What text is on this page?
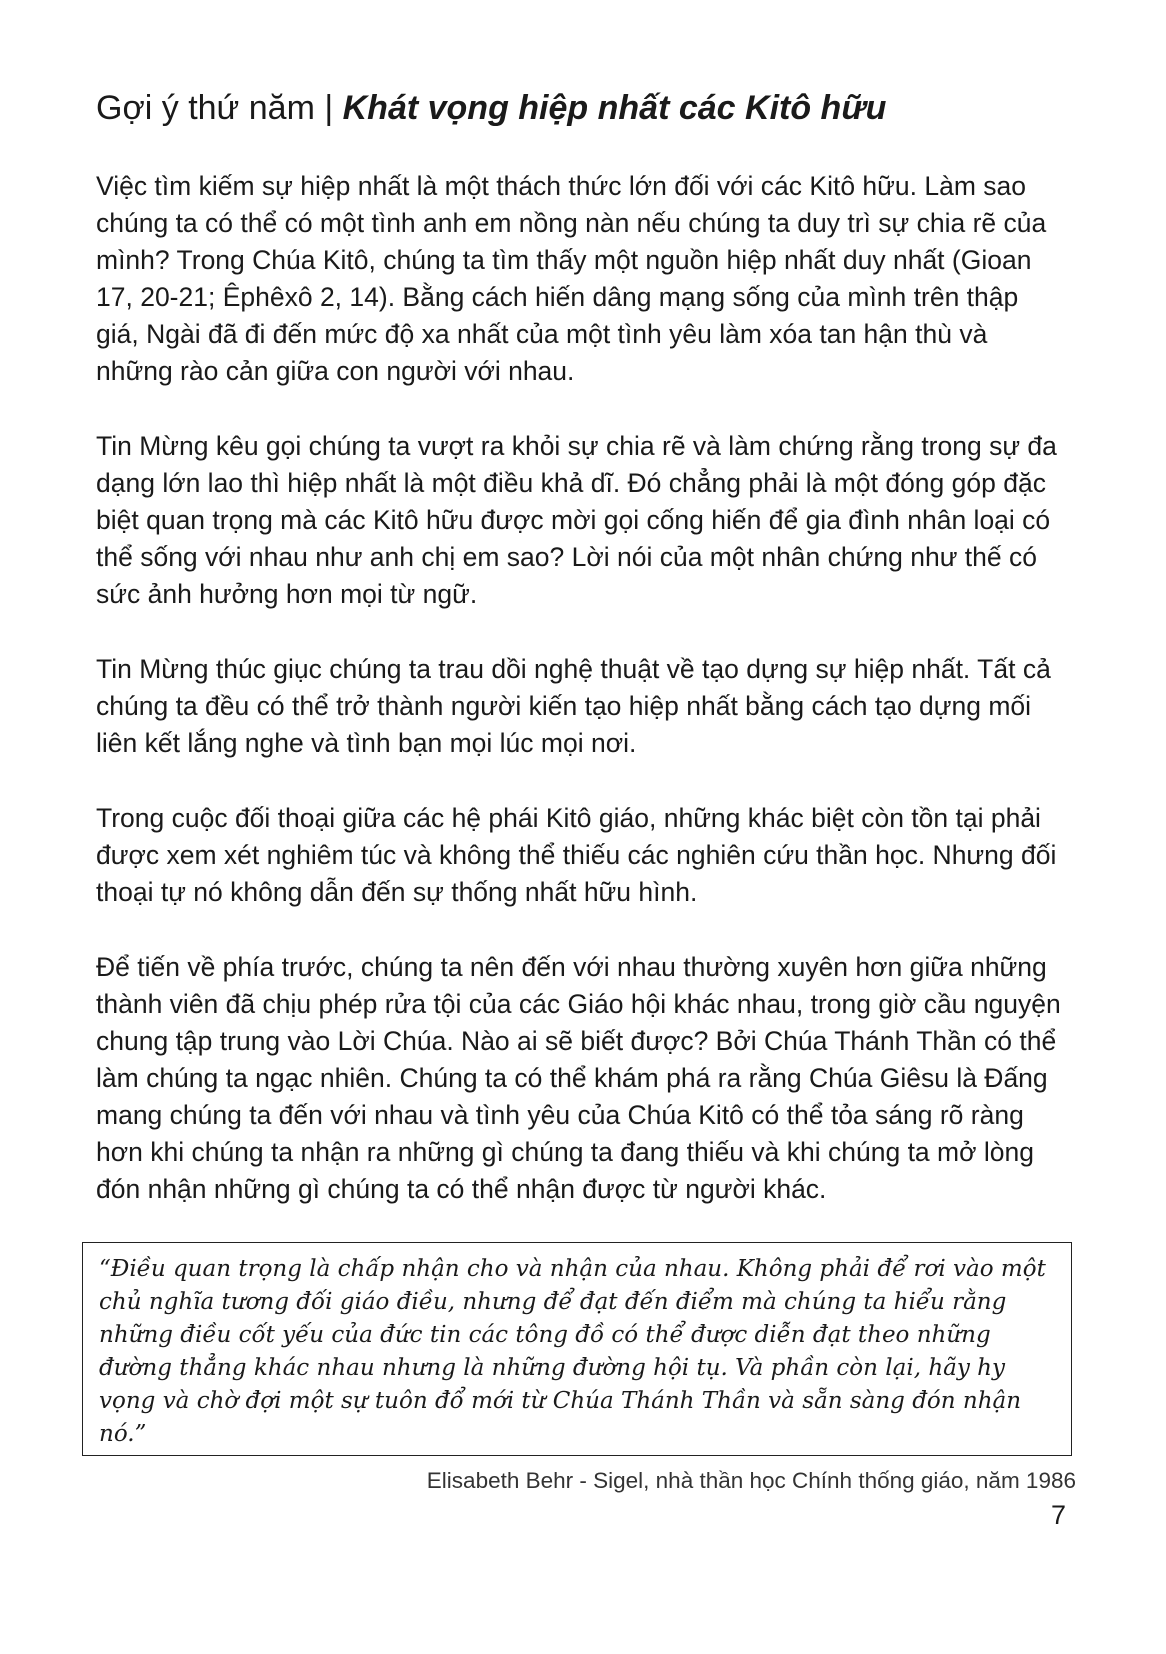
Gợi ý thứ năm | Khát vọng hiệp nhất các Kitô hữu

Việc tìm kiếm sự hiệp nhất là một thách thức lớn đối với các Kitô hữu. Làm sao chúng ta có thể có một tình anh em nồng nàn nếu chúng ta duy trì sự chia rẽ của mình? Trong Chúa Kitô, chúng ta tìm thấy một nguồn hiệp nhất duy nhất (Gioan 17, 20-21; Êphêxô 2, 14). Bằng cách hiến dâng mạng sống của mình trên thập giá, Ngài đã đi đến mức độ xa nhất của một tình yêu làm xóa tan hận thù và những rào cản giữa con người với nhau.

Tin Mừng kêu gọi chúng ta vượt ra khỏi sự chia rẽ và làm chứng rằng trong sự đa dạng lớn lao thì hiệp nhất là một điều khả dĩ. Đó chẳng phải là một đóng góp đặc biệt quan trọng mà các Kitô hữu được mời gọi cống hiến để gia đình nhân loại có thể sống với nhau như anh chị em sao? Lời nói của một nhân chứng như thế có sức ảnh hưởng hơn mọi từ ngữ.

Tin Mừng thúc giục chúng ta trau dồi nghệ thuật về tạo dựng sự hiệp nhất. Tất cả chúng ta đều có thể trở thành người kiến tạo hiệp nhất bằng cách tạo dựng mối liên kết lắng nghe và tình bạn mọi lúc mọi nơi.

Trong cuộc đối thoại giữa các hệ phái Kitô giáo, những khác biệt còn tồn tại phải được xem xét nghiêm túc và không thể thiếu các nghiên cứu thần học. Nhưng đối thoại tự nó không dẫn đến sự thống nhất hữu hình.

Để tiến về phía trước, chúng ta nên đến với nhau thường xuyên hơn giữa những thành viên đã chịu phép rửa tội của các Giáo hội khác nhau, trong giờ cầu nguyện chung tập trung vào Lời Chúa. Nào ai sẽ biết được? Bởi Chúa Thánh Thần có thể làm chúng ta ngạc nhiên. Chúng ta có thể khám phá ra rằng Chúa Giêsu là Đấng mang chúng ta đến với nhau và tình yêu của Chúa Kitô có thể tỏa sáng rõ ràng hơn khi chúng ta nhận ra những gì chúng ta đang thiếu và khi chúng ta mở lòng đón nhận những gì chúng ta có thể nhận được từ người khác.

“Điều quan trọng là chấp nhận cho và nhận của nhau. Không phải để rơi vào một chủ nghĩa tương đối giáo điều, nhưng để đạt đến điểm mà chúng ta hiểu rằng những điều cốt yếu của đức tin các tông đồ có thể được diễn đạt theo những đường thẳng khác nhau nhưng là những đường hội tụ. Và phần còn lại, hãy hy vọng và chờ đợi một sự tuôn đổ mới từ Chúa Thánh Thần và sẵn sàng đón nhận nó.”

Elisabeth Behr - Sigel, nhà thần học Chính thống giáo, năm 1986

7
